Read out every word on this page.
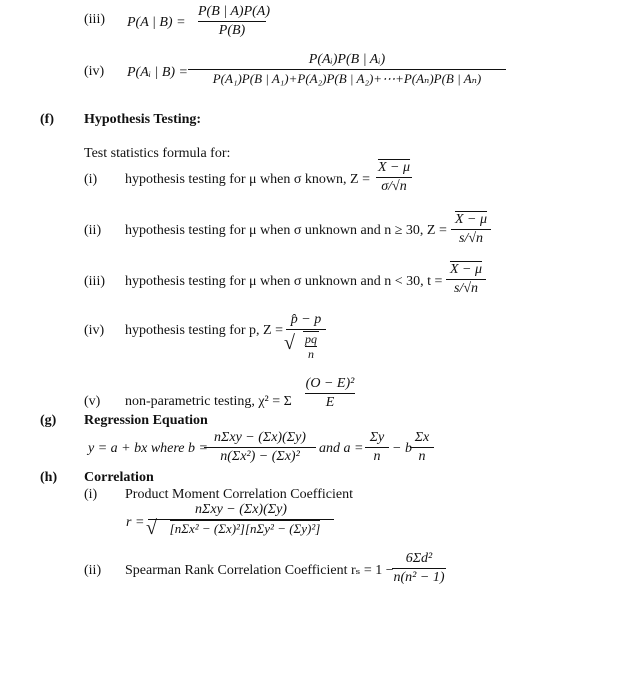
(iii) P(A | B) =
P(B | A)P(A)
P(B)
(iv) P(Aᵢ | B) =
P(Aᵢ)P(B | Aᵢ)
P(A₁)P(B | A₁)+P(A₂)P(B | A₂)+⋯+P(Aₙ)P(B | Aₙ)
(f) Hypothesis Testing:
Test statistics formula for:
(i) hypothesis testing for μ when σ known, Z =
X − μ
σ/√n
(ii) hypothesis testing for μ when σ unknown and n ≥ 30, Z =
X − μ
s/√n
(iii) hypothesis testing for μ when σ unknown and n < 30, t =
X − μ
s/√n
(iv) hypothesis testing for p, Z =
p̂ − p
√ $\frac{pq}{n}$
(v) non-parametric testing, χ² = Σ
(O − E)²
E
(g) Regression Equation
y = a + bx where b =
nΣxy − (Σx)(Σy)
n(Σx²) − (Σx)²
and a =
Σy
n
− b
Σx
n
(h) Correlation
(i) Product Moment Correlation Coefficient
r =
nΣxy − (Σx)(Σy)
√ [nΣx² − (Σx)²][nΣy² − (Σy)²]
(ii) Spearman Rank Correlation Coefficient rₛ = 1 −
6Σd²
n(n² − 1)
